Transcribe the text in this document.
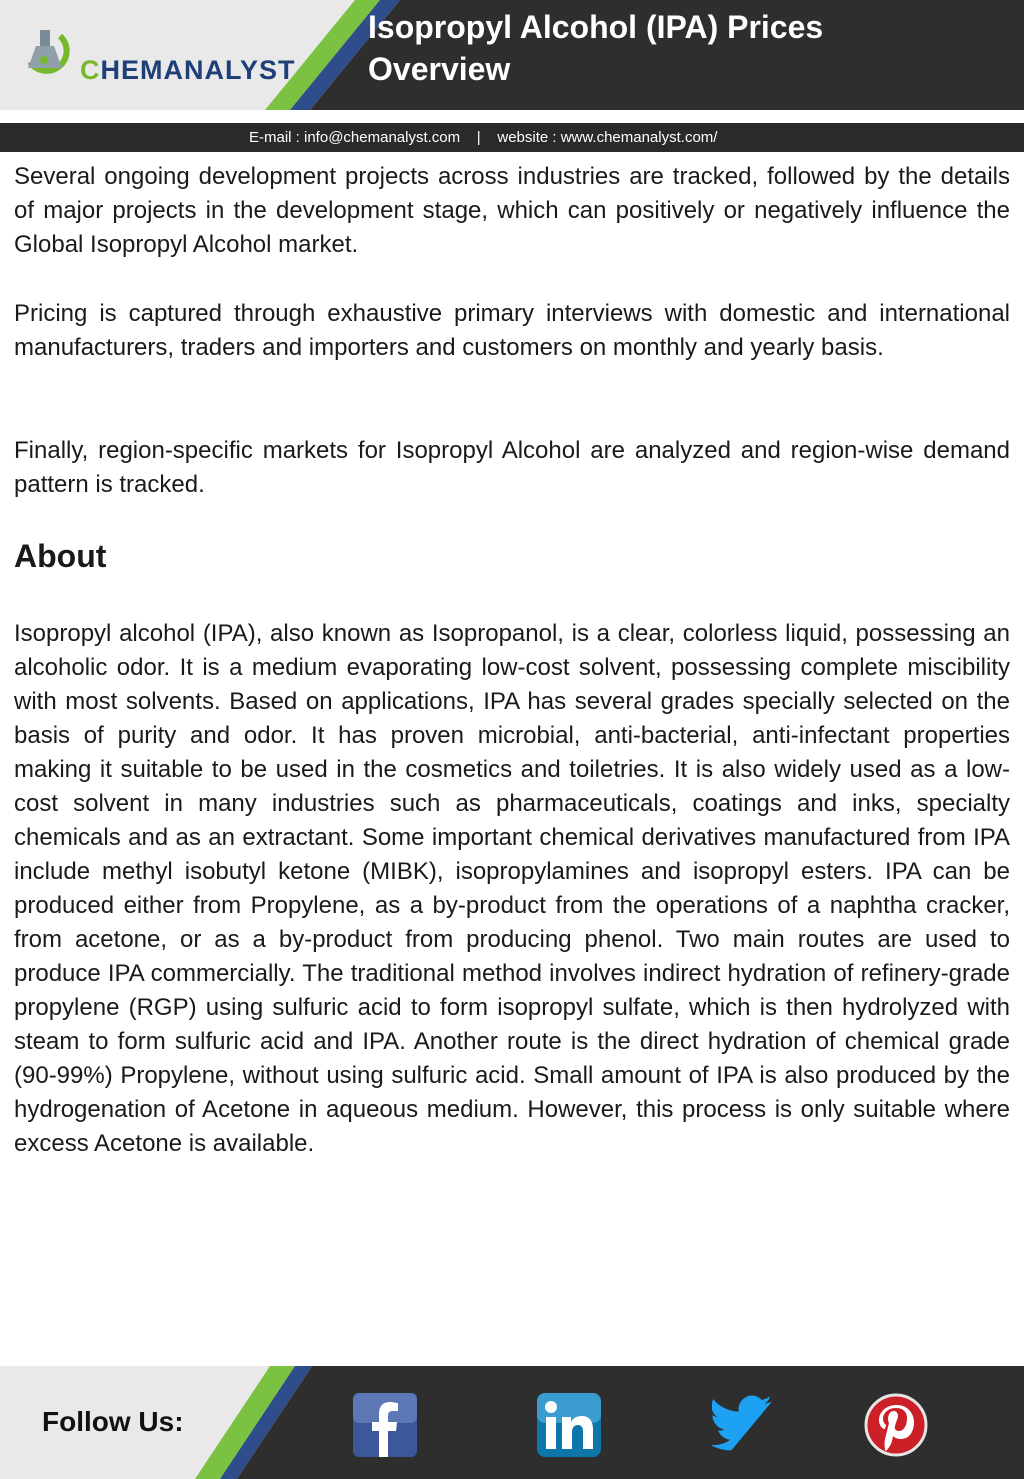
CHEMANALYST
Isopropyl Alcohol (IPA) Prices Overview
E-mail : info@chemanalyst.com    |    website : www.chemanalyst.com/

Several ongoing development projects across industries are tracked, followed by the details of major projects in the development stage, which can positively or negatively influence the Global Isopropyl Alcohol market.

Pricing is captured through exhaustive primary interviews with domestic and international manufacturers, traders and importers and customers on monthly and yearly basis.

Finally, region-specific markets for Isopropyl Alcohol are analyzed and region-wise demand pattern is tracked.

About

Isopropyl alcohol (IPA), also known as Isopropanol, is a clear, colorless liquid, possessing an alcoholic odor. It is a medium evaporating low-cost solvent, possessing complete miscibility with most solvents. Based on applications, IPA has several grades specially selected on the basis of purity and odor. It has proven microbial, anti-bacterial, anti-infectant properties making it suitable to be used in the cosmetics and toiletries. It is also widely used as a low-cost solvent in many industries such as pharmaceuticals, coatings and inks, specialty chemicals and as an extractant. Some important chemical derivatives manufactured from IPA include methyl isobutyl ketone (MIBK), isopropylamines and isopropyl esters. IPA can be produced either from Propylene, as a by-product from the operations of a naphtha cracker, from acetone, or as a by-product from producing phenol. Two main routes are used to produce IPA commercially. The traditional method involves indirect hydration of refinery-grade propylene (RGP) using sulfuric acid to form isopropyl sulfate, which is then hydrolyzed with steam to form sulfuric acid and IPA. Another route is the direct hydration of chemical grade (90-99%) Propylene, without using sulfuric acid. Small amount of IPA is also produced by the hydrogenation of Acetone in aqueous medium. However, this process is only suitable where excess Acetone is available.

Follow Us:
